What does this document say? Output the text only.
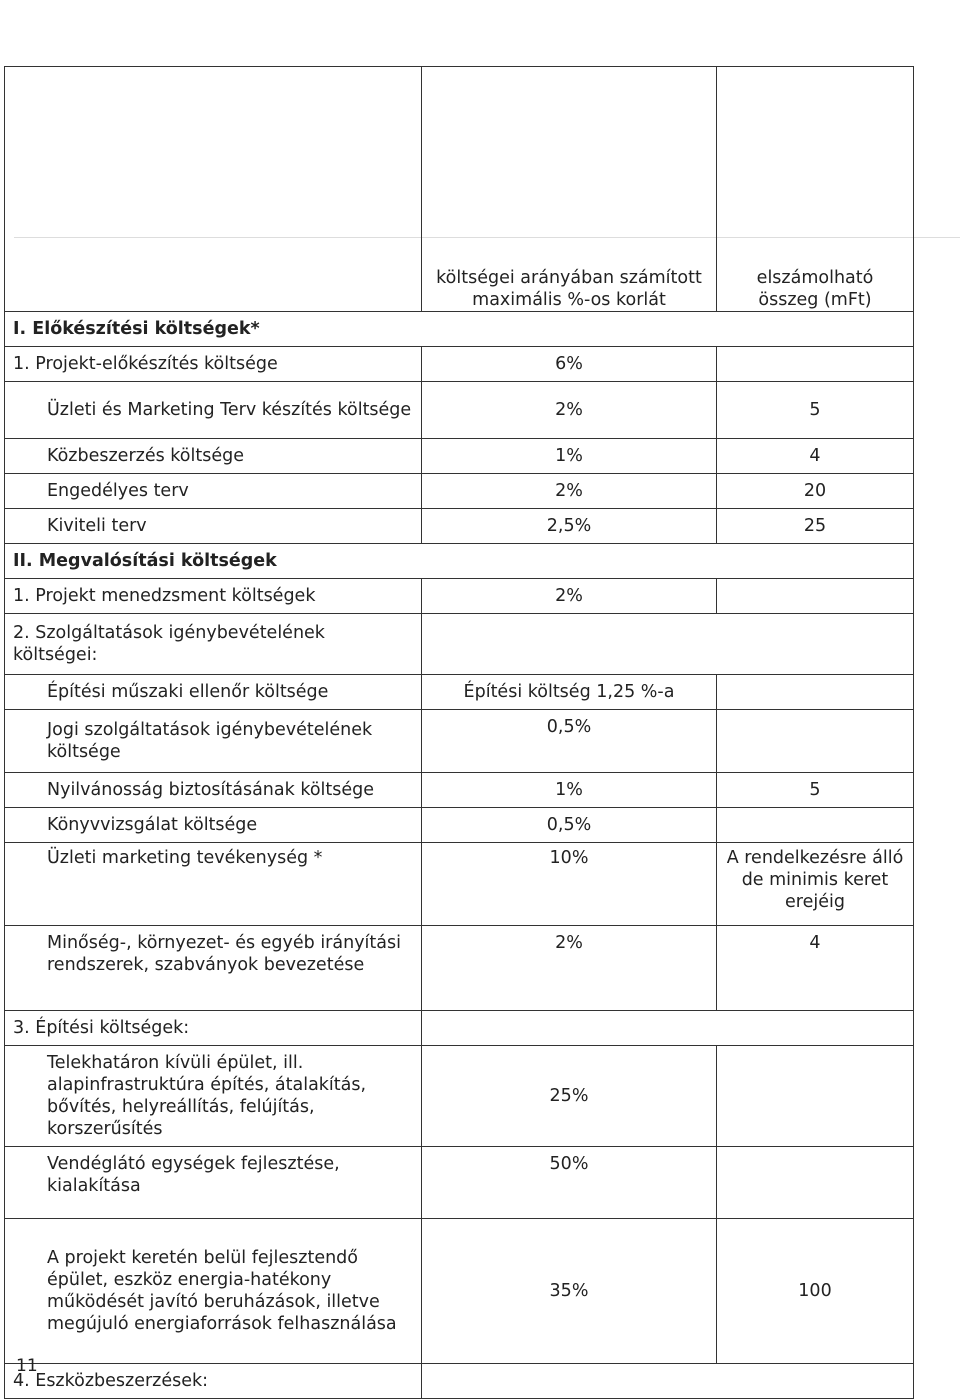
	költségei arányában számított maximális %-os korlát	elszámolható összeg (mFt)
I. Előkészítési költségek*		
1. Projekt-előkészítés költsége	6%	
Üzleti és Marketing Terv készítés költsége	2%	5
Közbeszerzés költsége	1%	4
Engedélyes terv	2%	20
Kiviteli terv	2,5%	25
II. Megvalósítási költségek		
1. Projekt menedzsment költségek	2%	
2. Szolgáltatások igénybevételének költségei:		
Építési műszaki ellenőr költsége	Építési költség 1,25 %-a	
Jogi szolgáltatások igénybevételének költsége	0,5%	
Nyilvánosság biztosításának költsége	1%	5
Könyvvizsgálat költsége	0,5%	
Üzleti marketing tevékenység *	10%	A rendelkezésre álló de minimis keret erejéig
Minőség-, környezet- és egyéb irányítási rendszerek, szabványok bevezetése	2%	4
3. Építési költségek:		
Telekhatáron kívüli épület, ill. alapinfrastruktúra építés, átalakítás, bővítés, helyreállítás, felújítás, korszerűsítés	25%	
Vendéglátó egységek fejlesztése, kialakítása	50%	
A projekt keretén belül fejlesztendő épület, eszköz energia-hatékony működését javító beruházások, illetve megújuló energiaforrások felhasználása	35%	100
4. Eszközbeszerzések:		
11
